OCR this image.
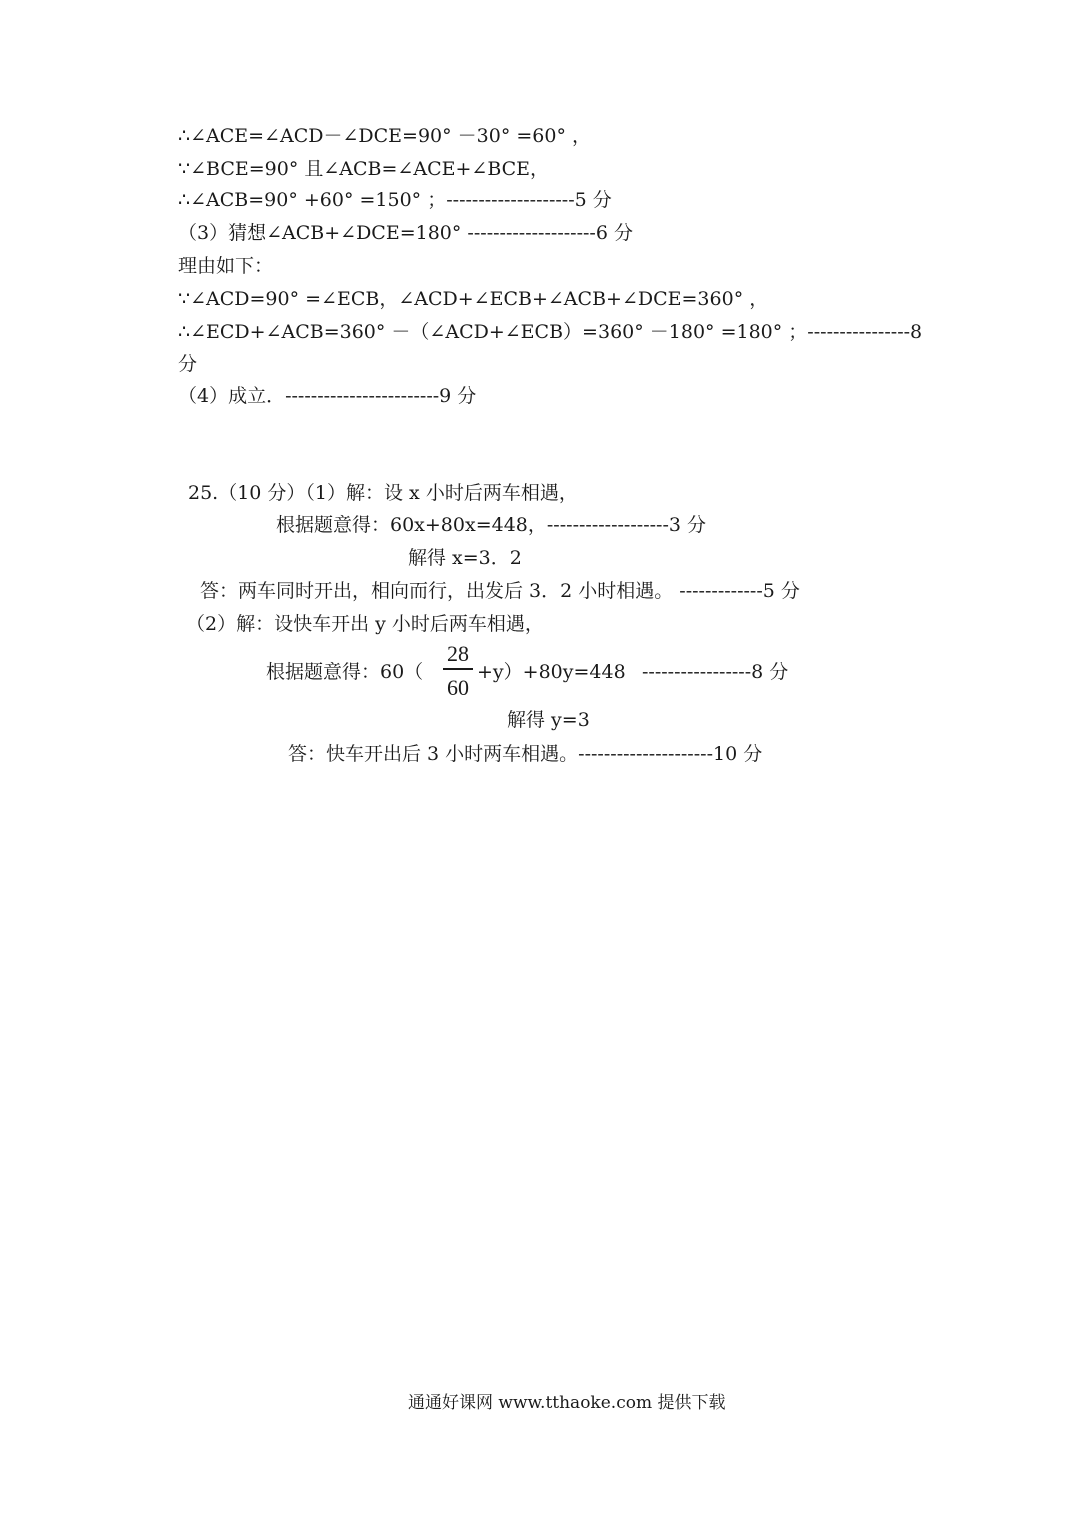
∴∠ACE=∠ACD－∠DCE=90° －30° =60° ，
∵∠BCE=90° 且∠ACB=∠ACE+∠BCE，
∴∠ACB=90° +60° =150° ；--------------------5 分
（3）猜想∠ACB+∠DCE=180° --------------------6 分
理由如下：
∵∠ACD=90° =∠ECB，∠ACD+∠ECB+∠ACB+∠DCE=360° ，
∴∠ECD+∠ACB=360° －（∠ACD+∠ECB）=360° －180° =180° ；----------------8
分
（4）成立．------------------------9 分
25.（10 分）（1）解：设 x 小时后两车相遇，
根据题意得：60x+80x=448，-------------------3 分
解得 x=3．2
答：两车同时开出，相向而行，出发后 3．2 小时相遇。 -------------5 分
（2）解：设快车开出 y 小时后两车相遇，
根据题意得：60（
28
60
+y）+80y=448 -----------------8 分
解得 y=3
答：快车开出后 3 小时两车相遇。---------------------10 分
通通好课网 www.tthaoke.com 提供下载
